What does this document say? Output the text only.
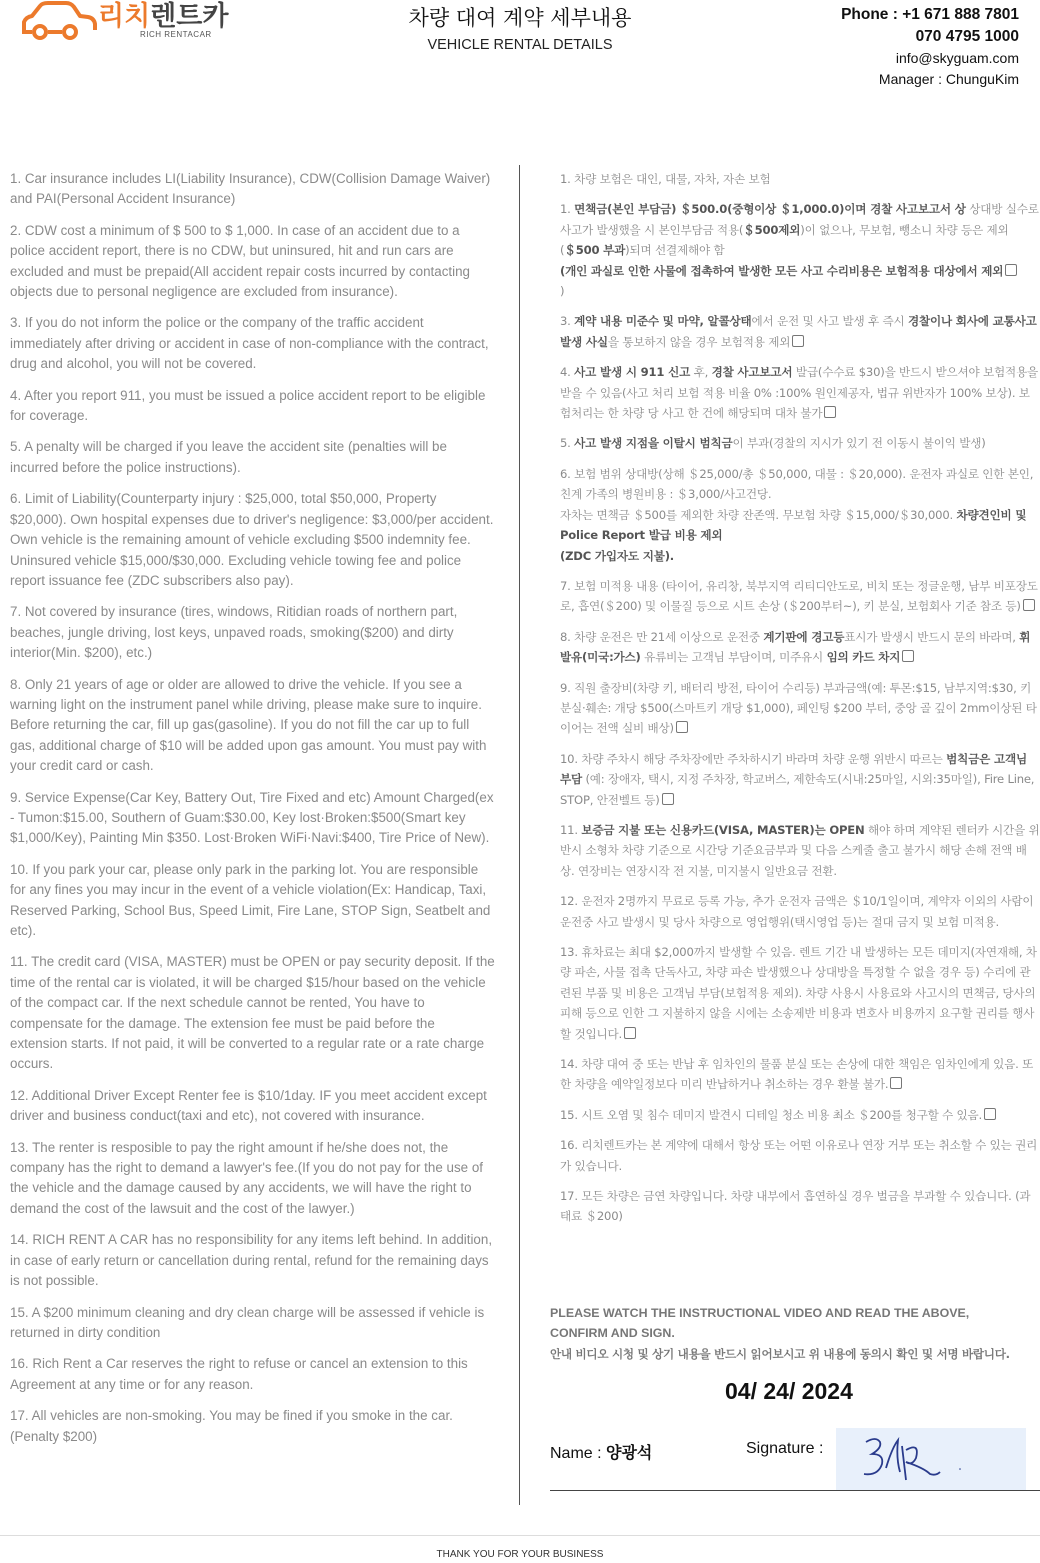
리치렌트카
RICH RENTACAR
차량 대여 계약 세부내용
VEHICLE RENTAL DETAILS
Phone : +1 671 888 7801
070 4795 1000
info@skyguam.com
Manager : ChunguKim

1. Car insurance includes LI(Liability Insurance), CDW(Collision Damage Waiver) and PAI(Personal Accident Insurance)

2. CDW cost a minimum of $ 500 to $ 1,000. In case of an accident due to a police accident report, there is no CDW, but uninsured, hit and run cars are excluded and must be prepaid(All accident repair costs incurred by contacting objects due to personal negligence are excluded from insurance).

3. If you do not inform the police or the company of the traffic accident immediately after driving or accident in case of non-compliance with the contract, drug and alcohol, you will not be covered.

4. After you report 911, you must be issued a police accident report to be eligible for coverage.

5. A penalty will be charged if you leave the accident site (penalties will be incurred before the police instructions).

6. Limit of Liability(Counterparty injury : $25,000, total $50,000, Property $20,000). Own hospital expenses due to driver's negligence: $3,000/per accident. Own vehicle is the remaining amount of vehicle excluding $500 indemnity fee. Uninsured vehicle $15,000/$30,000. Excluding vehicle towing fee and police report issuance fee (ZDC subscribers also pay).

7. Not covered by insurance (tires, windows, Ritidian roads of northern part, beaches, jungle driving, lost keys, unpaved roads, smoking($200) and dirty interior(Min. $200), etc.)

8. Only 21 years of age or older are allowed to drive the vehicle. If you see a warning light on the instrument panel while driving, please make sure to inquire. Before returning the car, fill up gas(gasoline). If you do not fill the car up to full gas, additional charge of $10 will be added upon gas amount. You must pay with your credit card or cash.

9. Service Expense(Car Key, Battery Out, Tire Fixed and etc) Amount Charged(ex - Tumon:$15.00, Southern of Guam:$30.00, Key lost·Broken:$500(Smart key $1,000/Key), Painting Min $350. Lost·Broken WiFi·Navi:$400, Tire Price of New).

10. If you park your car, please only park in the parking lot. You are responsible for any fines you may incur in the event of a vehicle violation(Ex: Handicap, Taxi, Reserved Parking, School Bus, Speed Limit, Fire Lane, STOP Sign, Seatbelt and etc).

11. The credit card (VISA, MASTER) must be OPEN or pay security deposit. If the time of the rental car is violated, it will be charged $15/hour based on the vehicle of the compact car. If the next schedule cannot be rented, You have to compensate for the damage. The extension fee must be paid before the extension starts. If not paid, it will be converted to a regular rate or a rate charge occurs.

12. Additional Driver Except Renter fee is $10/1day. IF you meet accident except driver and business conduct(taxi and etc), not covered with insurance.

13. The renter is resposible to pay the right amount if he/she does not, the company has the right to demand a lawyer's fee.(If you do not pay for the use of the vehicle and the damage caused by any accidents, we will have the right to demand the cost of the lawsuit and the cost of the lawyer.)

14. RICH RENT A CAR has no responsibility for any items left behind. In addition, in case of early return or cancellation during rental, refund for the remaining days is not possible.

15. A $200 minimum cleaning and dry clean charge will be assessed if vehicle is returned in dirty condition

16. Rich Rent a Car reserves the right to refuse or cancel an extension to this Agreement at any time or for any reason.

17. All vehicles are non-smoking. You may be fined if you smoke in the car. (Penalty $200)

1. 차량 보험은 대인, 대물, 자차, 자손 보험

1. 면책금(본인 부담금) ＄500.0(중형이상 ＄1,000.0)이며 경찰 사고보고서 상 상대방 실수로 사고가 발생했을 시 본인부담금 적용(＄500제외)이 없으나, 무보험, 뺑소니 차량 등은 제외(＄500 부과)되며 선결제해야 함
(개인 과실로 인한 사물에 접촉하여 발생한 모든 사고 수리비용은 보험적용 대상에서 제외
)

3. 계약 내용 미준수 및 마약, 알콜상태에서 운전 및 사고 발생 후 즉시 경찰이나 회사에 교통사고 발생 사실을 통보하지 않을 경우 보험적용 제외

4. 사고 발생 시 911 신고 후, 경찰 사고보고서 발급(수수료 $30)을 반드시 받으셔야 보험적용을 받을 수 있음(사고 처리 보험 적용 비율 0% :100% 원인제공자, 법규 위반자가 100% 보상). 보험처리는 한 차량 당 사고 한 건에 해당되며 대차 불가

5. 사고 발생 지점을 이탈시 범칙금이 부과(경찰의 지시가 있기 전 이동시 불이익 발생)

6. 보험 범위 상대방(상해 ＄25,000/총 ＄50,000, 대물 : ＄20,000). 운전자 과실로 인한 본인, 친계 가족의 병원비용 : ＄3,000/사고건당.
자차는 면책금 ＄500를 제외한 차량 잔존액. 무보험 차량 ＄15,000/＄30,000. 차량견인비 및 Police Report 발급 비용 제외
(ZDC 가입자도 지불).

7. 보험 미적용 내용 (타이어, 유리창, 북부지역 리티디안도로, 비치 또는 정글운행, 남부 비포장도로, 흡연(＄200) 및 이물질 등으로 시트 손상 (＄200부터~), 키 분실, 보험회사 기준 참조 등)

8. 차량 운전은 만 21세 이상으로 운전중 계기판에 경고등표시가 발생시 반드시 문의 바라며, 휘발유(미국:가스) 유류비는 고객님 부담이며, 미주유시 임의 카드 차지

9. 직원 출장비(차량 키, 배터리 방전, 타이어 수리등) 부과금액(예: 투몬:$15, 남부지역:$30, 키분실·훼손: 개당 $500(스마트키 개당 $1,000), 페인팅 $200 부터, 중앙 골 깊이 2mm이상된 타이어는 전액 실비 배상)

10. 차량 주차시 해당 주차장에만 주차하시기 바라며 차량 운행 위반시 따르는 범칙금은 고객님 부담 (예: 장애자, 택시, 지정 주차장, 학교버스, 제한속도(시내:25마일, 시외:35마일), Fire Line, STOP, 안전벨트 등)

11. 보증금 지불 또는 신용카드(VISA, MASTER)는 OPEN 해야 하며 계약된 렌터카 시간을 위반시 소형차 차량 기준으로 시간당 기준요금부과 및 다음 스케줄 출고 불가시 해당 손해 전액 배상. 연장비는 연장시작 전 지불, 미지불시 일반요금 전환.

12. 운전자 2명까지 무료로 등록 가능, 추가 운전자 금액은 ＄10/1일이며, 계약자 이외의 사람이 운전중 사고 발생시 및 당사 차량으로 영업행위(택시영업 등)는 절대 금지 및 보험 미적용.

13. 휴차료는 최대 $2,000까지 발생할 수 있음. 렌트 기간 내 발생하는 모든 데미지(자연재해, 차량 파손, 사물 접촉 단독사고, 차량 파손 발생했으나 상대방을 특정할 수 없을 경우 등) 수리에 관련된 부품 및 비용은 고객님 부담(보험적용 제외). 차량 사용시 사용료와 사고시의 면책금, 당사의 피해 등으로 인한 그 지불하지 않을 시에는 소송제반 비용과 변호사 비용까지 요구할 권리를 행사할 것입니다.

14. 차량 대여 중 또는 반납 후 임차인의 물품 분실 또는 손상에 대한 책임은 임차인에게 있음. 또한 차량을 예약일정보다 미리 반납하거나 취소하는 경우 환불 불가.

15. 시트 오염 및 침수 데미지 발견시 디테일 청소 비용 최소 ＄200를 청구할 수 있음.

16. 리치렌트카는 본 계약에 대해서 항상 또는 어떤 이유로나 연장 거부 또는 취소할 수 있는 권리가 있습니다.

17. 모든 차량은 금연 차량입니다. 차량 내부에서 흡연하실 경우 벌금을 부과할 수 있습니다. (과태료 ＄200)

PLEASE WATCH THE INSTRUCTIONAL VIDEO AND READ THE ABOVE,
CONFIRM AND SIGN.
안내 비디오 시청 및 상기 내용을 반드시 읽어보시고 위 내용에 동의시 확인 및 서명 바랍니다.
04/ 24/ 2024
Name : 양광석	Signature :
THANK YOU FOR YOUR BUSINESS
